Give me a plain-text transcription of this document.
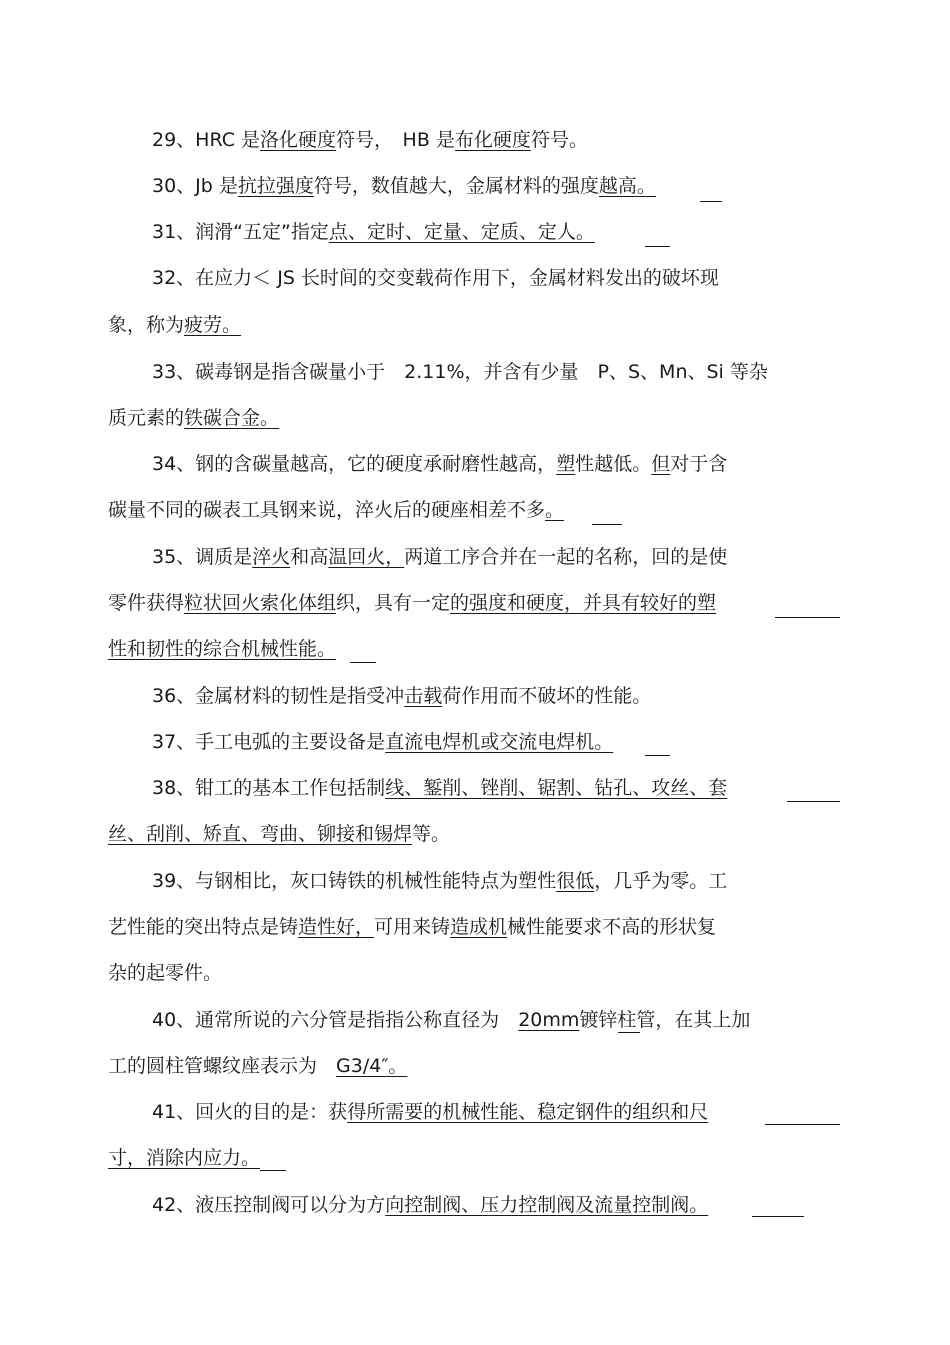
29、HRC 是洛化硬度符号，　HB 是布化硬度符号。
30、Jb 是抗拉强度符号，数值越大，金属材料的强度越高。
31、润滑“五定”指定点、定时、定量、定质、定人。
32、在应力＜ JS 长时间的交变载荷作用下，金属材料发出的破坏现
象，称为疲劳。
33、碳毒钢是指含碳量小于　2.11%，并含有少量　P、S、Mn、Si 等杂
质元素的铁碳合金。
34、钢的含碳量越高，它的硬度承耐磨性越高，塑性越低。但对于含
碳量不同的碳表工具钢来说，淬火后的硬座相差不多。
35、调质是淬火和高温回火，两道工序合并在一起的名称，回的是使
零件获得粒状回火索化体组织，具有一定的强度和硬度，并具有较好的塑
性和韧性的综合机械性能。
36、金属材料的韧性是指受冲击载荷作用而不破坏的性能。
37、手工电弧的主要设备是直流电焊机或交流电焊机。
38、钳工的基本工作包括制线、錾削、锉削、锯割、钻孔、攻丝、套
丝、刮削、矫直、弯曲、铆接和锡焊等。
39、与钢相比，灰口铸铁的机械性能特点为塑性很低，几乎为零。工
艺性能的突出特点是铸造性好，可用来铸造成机械性能要求不高的形状复
杂的起零件。
40、通常所说的六分管是指指公称直径为　20mm镀锌柱管，在其上加
工的圆柱管螺纹座表示为　G3/4″。
41、回火的目的是：获得所需要的机械性能、稳定钢件的组织和尺
寸，消除内应力。
42、液压控制阀可以分为方向控制阀、压力控制阀及流量控制阀。
